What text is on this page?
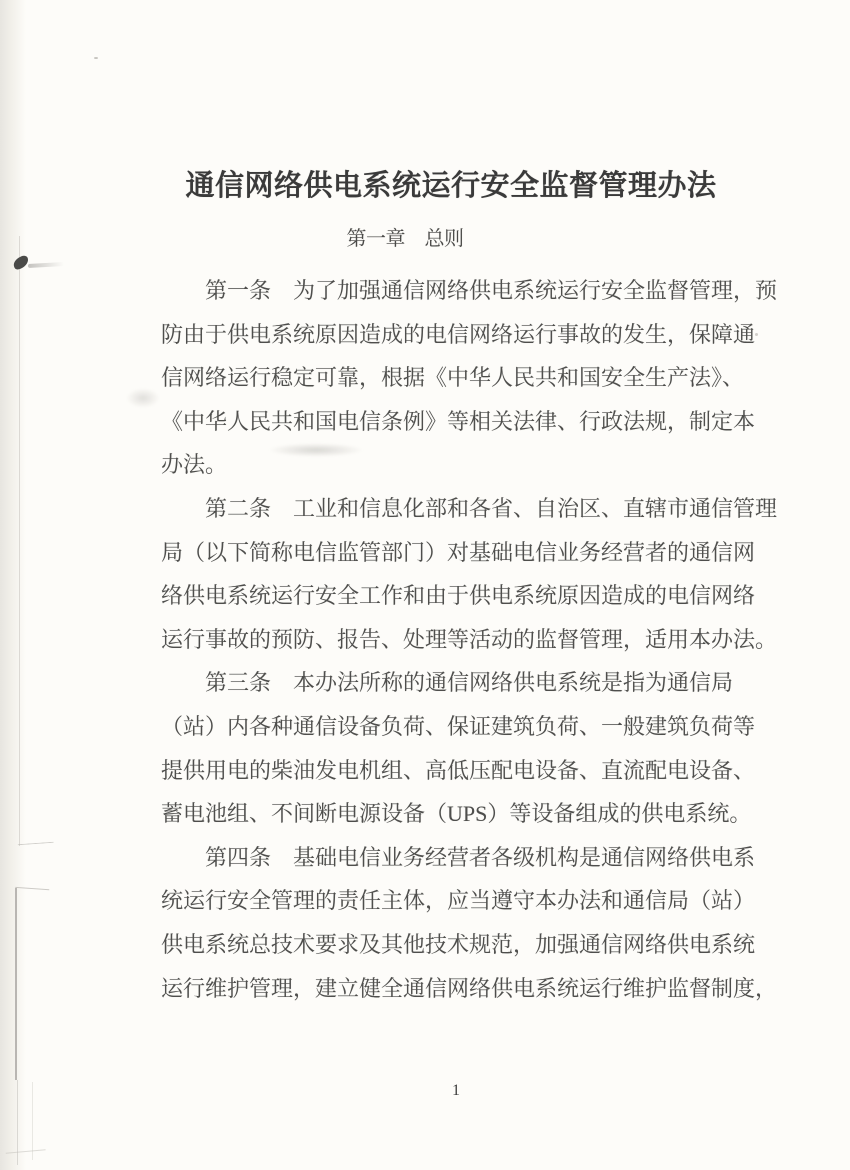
通信网络供电系统运行安全监督管理办法
第一章　总则
第一条　为了加强通信网络供电系统运行安全监督管理，预
防由于供电系统原因造成的电信网络运行事故的发生，保障通
信网络运行稳定可靠，根据《中华人民共和国安全生产法》、
《中华人民共和国电信条例》等相关法律、行政法规，制定本
办法。
第二条　工业和信息化部和各省、自治区、直辖市通信管理
局（以下简称电信监管部门）对基础电信业务经营者的通信网
络供电系统运行安全工作和由于供电系统原因造成的电信网络
运行事故的预防、报告、处理等活动的监督管理，适用本办法。
第三条　本办法所称的通信网络供电系统是指为通信局
（站）内各种通信设备负荷、保证建筑负荷、一般建筑负荷等
提供用电的柴油发电机组、高低压配电设备、直流配电设备、
蓄电池组、不间断电源设备（UPS）等设备组成的供电系统。
第四条　基础电信业务经营者各级机构是通信网络供电系
统运行安全管理的责任主体，应当遵守本办法和通信局（站）
供电系统总技术要求及其他技术规范，加强通信网络供电系统
运行维护管理，建立健全通信网络供电系统运行维护监督制度，
1
